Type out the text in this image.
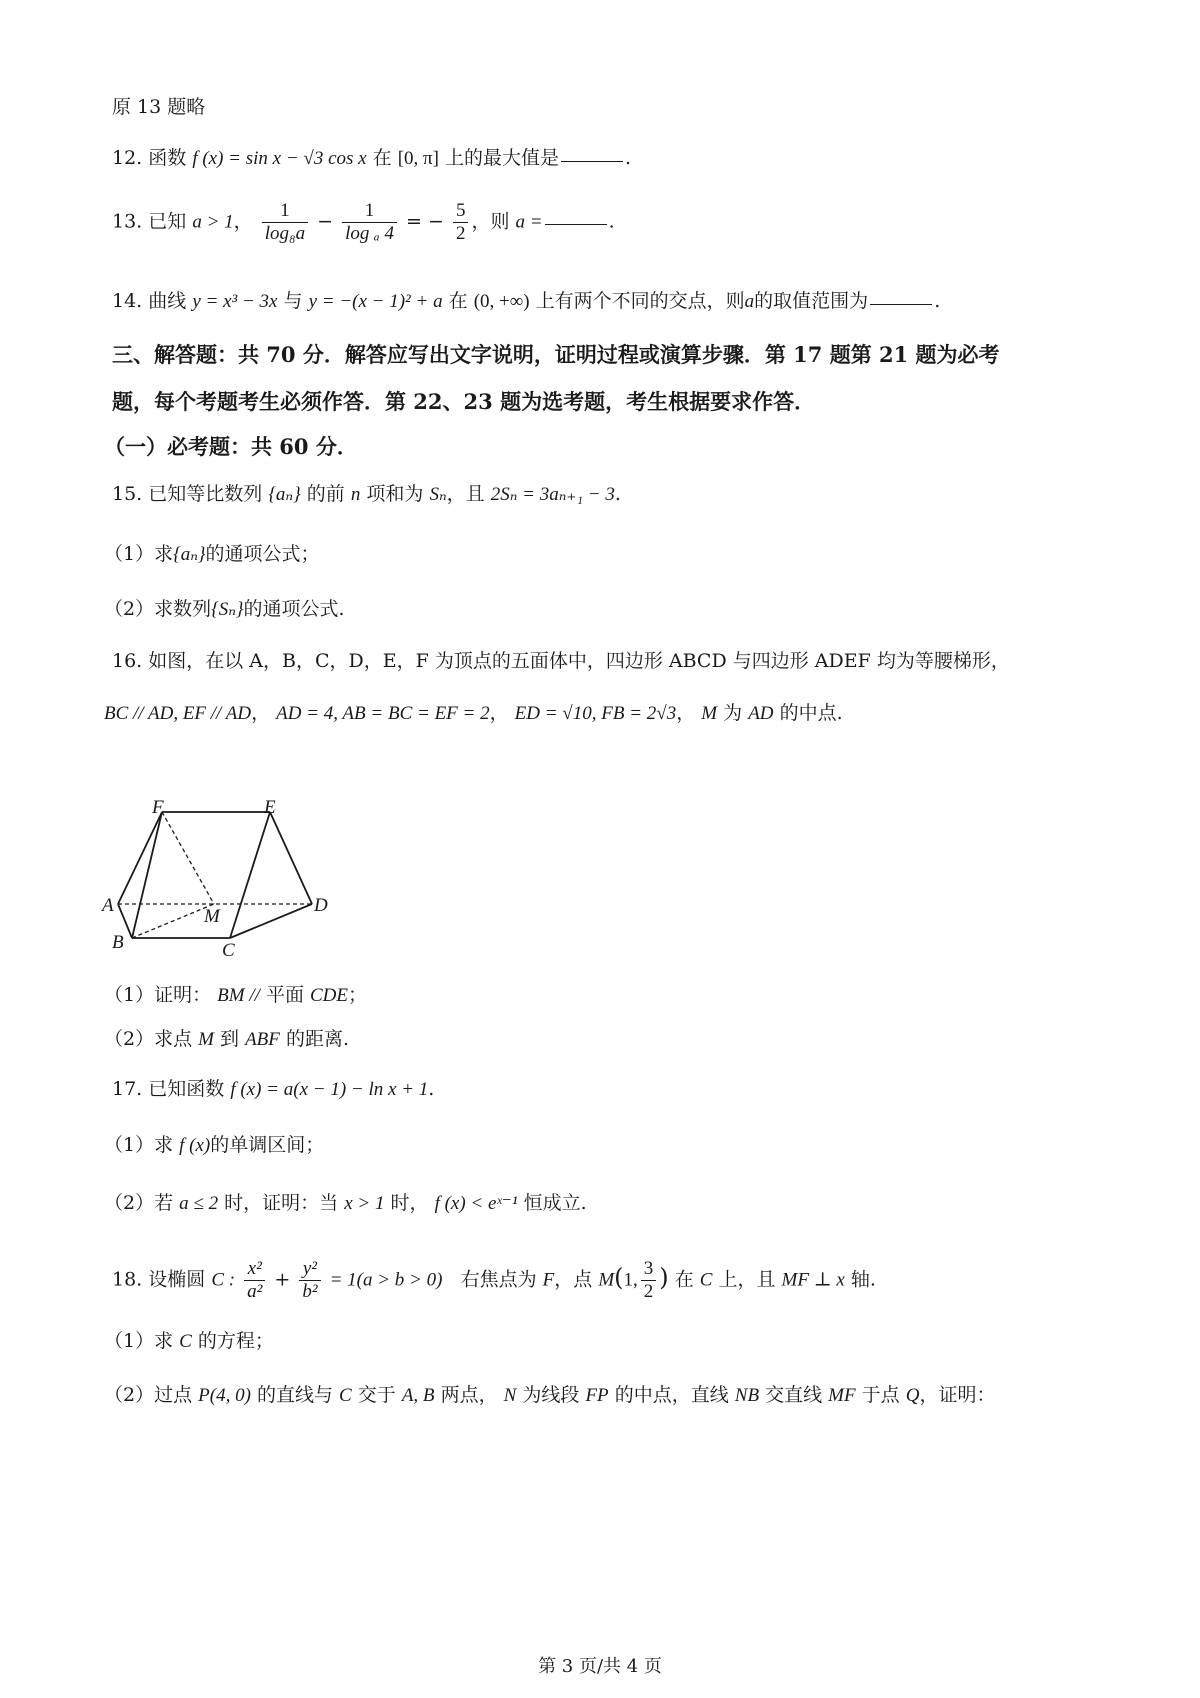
原 13 题略
12. 函数 f (x) = sin x − √3 cos x 在 [0, π] 上的最大值是	.
13. 已知 a > 1， $\frac{1}{\text{log₈a}} - \frac{1}{\text{log ₐ 4}}$ = − $\frac{5}{2}$ ，则 a =	.
14. 曲线 y = x³ − 3x 与 y = −(x − 1)² + a 在 (0, +∞) 上有两个不同的交点，则a的取值范围为	.
三、解答题：共 70 分．解答应写出文字说明，证明过程或演算步骤．第 17 题第 21 题为必考
题，每个考题考生必须作答．第 22、23 题为选考题，考生根据要求作答．
（一）必考题：共 60 分．
15. 已知等比数列 {aₙ} 的前 n 项和为 Sₙ，且 2Sₙ = 3aₙ₊₁ − 3.
（1）求{aₙ}的通项公式；
（2）求数列{Sₙ}的通项公式.
16. 如图，在以 A，B，C，D，E，F 为顶点的五面体中，四边形 ABCD 与四边形 ADEF 均为等腰梯形，
BC // AD, EF // AD， AD = 4, AB = BC = EF = 2， ED = √10, FB = 2√3， M 为 AD 的中点.
F	E
A
M
D
B	C
（1）证明： BM // 平面 CDE；
（2）求点 M 到 ABF 的距离.
17. 已知函数 f (x) = a(x − 1) − ln x + 1.
（1）求 f (x)的单调区间；
（2）若 a ≤ 2 时，证明：当 x > 1 时， f (x) < eˣ⁻¹ 恒成立.
18. 设椭圆 C : $\frac{\text{x²}}{\text{a²}} + \frac{\text{y²}}{\text{b²}} = 1(a > b > 0)$ 右焦点为 F，点 M(1, $\frac{3}{2}$ ) 在 C 上，且 MF ⊥ x 轴.
（1）求 C 的方程；
（2）过点 P(4, 0) 的直线与 C 交于 A, B 两点， N 为线段 FP 的中点，直线 NB 交直线 MF 于点 Q，证明：
第 3 页/共 4 页
